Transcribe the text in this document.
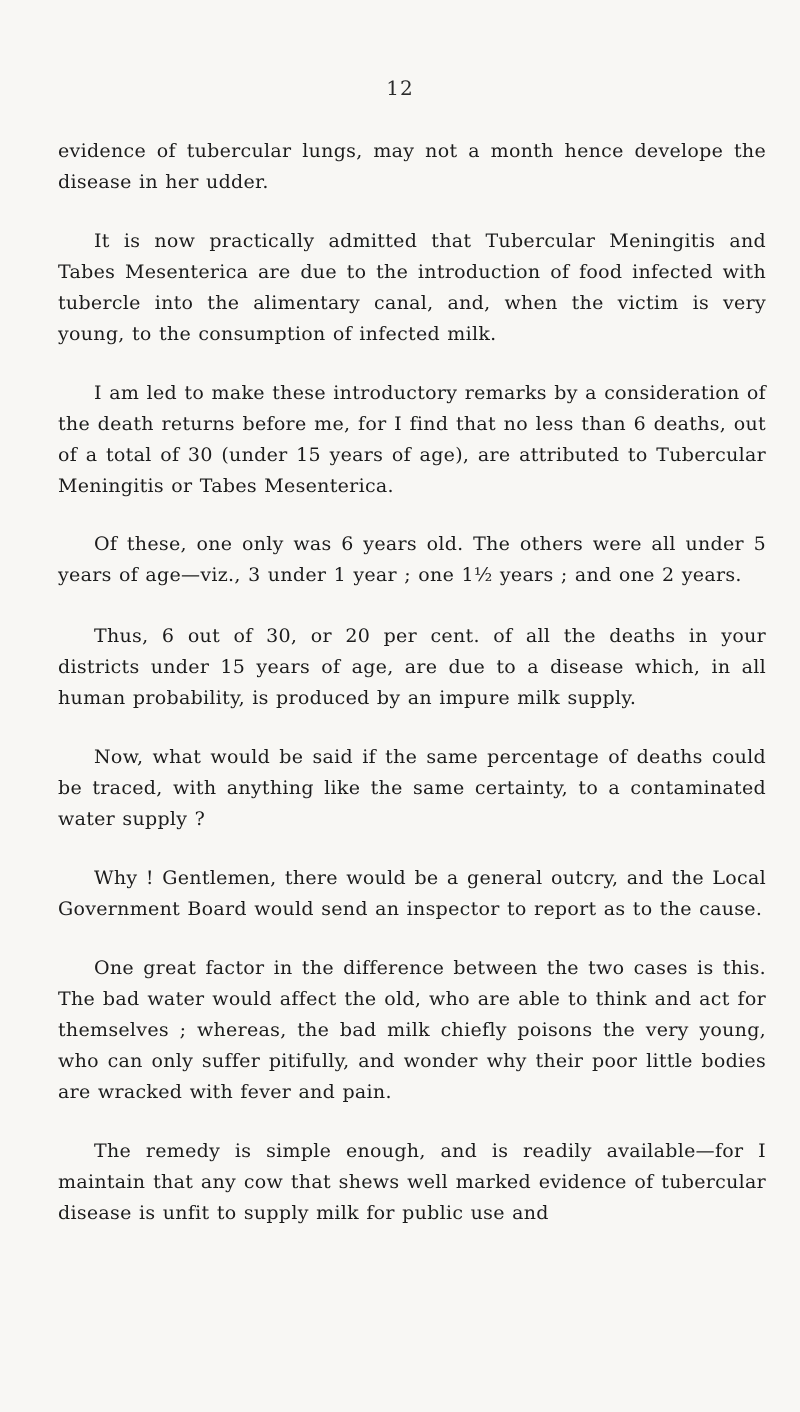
12

evidence of tubercular lungs, may not a month hence develope the disease in her udder.

It is now practically admitted that Tubercular Meningitis and Tabes Mesenterica are due to the introduction of food infected with tubercle into the alimentary canal, and, when the victim is very young, to the consumption of infected milk.

I am led to make these introductory remarks by a consideration of the death returns before me, for I find that no less than 6 deaths, out of a total of 30 (under 15 years of age), are attributed to Tubercular Meningitis or Tabes Mesenterica.

Of these, one only was 6 years old. The others were all under 5 years of age—viz., 3 under 1 year ; one 1½ years ; and one 2 years.

Thus, 6 out of 30, or 20 per cent. of all the deaths in your districts under 15 years of age, are due to a disease which, in all human probability, is produced by an impure milk supply.

Now, what would be said if the same percentage of deaths could be traced, with anything like the same certainty, to a contaminated water supply ?

Why ! Gentlemen, there would be a general outcry, and the Local Government Board would send an inspector to report as to the cause.

One great factor in the difference between the two cases is this. The bad water would affect the old, who are able to think and act for themselves ; whereas, the bad milk chiefly poisons the very young, who can only suffer pitifully, and wonder why their poor little bodies are wracked with fever and pain.

The remedy is simple enough, and is readily available—for I maintain that any cow that shews well marked evidence of tubercular disease is unfit to supply milk for public use and
